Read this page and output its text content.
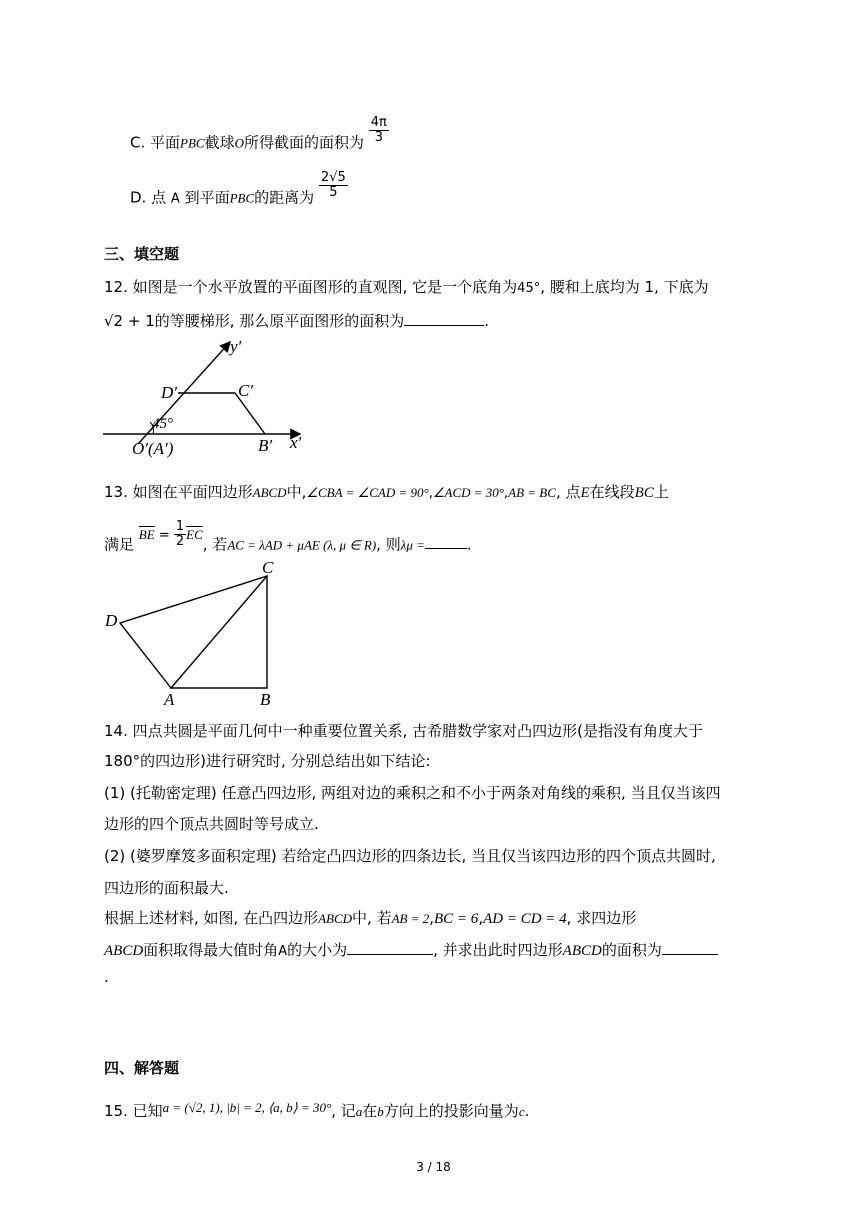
C. 平面PBC截球O所得截面的面积为 $\frac{4\pi}{3}$
D. 点 A 到平面PBC的距离为 $\frac{2√5}{5}$
三、填空题
12. 如图是一个水平放置的平面图形的直观图, 它是一个底角为45°, 腰和上底均为 1, 下底为
√2 + 1的等腰梯形, 那么原平面图形的面积为	.
y′
x′
D′	C′
B′
O′(A′)
45°
13. 如图在平面四边形ABCD中,∠CBA = ∠CAD = 90°,∠ACD = 30°,AB = BC, 点E在线段BC上
满足 $\overline{BE} = \frac{1}{2} \overline{EC}$, 若AC = λAD + μAE (λ, μ ∈ R), 则λμ =	.
A	B
C
D
14. 四点共圆是平面几何中一种重要位置关系, 古希腊数学家对凸四边形(是指没有角度大于
180°的四边形)进行研究时, 分别总结出如下结论:
(1) (托勒密定理) 任意凸四边形, 两组对边的乘积之和不小于两条对角线的乘积, 当且仅当该四
边形的四个顶点共圆时等号成立.
(2) (婆罗摩笈多面积定理) 若给定凸四边形的四条边长, 当且仅当该四边形的四个顶点共圆时,
四边形的面积最大.
根据上述材料, 如图, 在凸四边形ABCD中, 若AB = 2,BC = 6,AD = CD = 4, 求四边形
ABCD面积取得最大值时角A的大小为	, 并求出此时四边形ABCD的面积为
.
四、解答题
15. 已知a = (√2, 1), |b| = 2, ⟨a, b⟩ = 30°, 记a在b方向上的投影向量为c.
3 / 18
